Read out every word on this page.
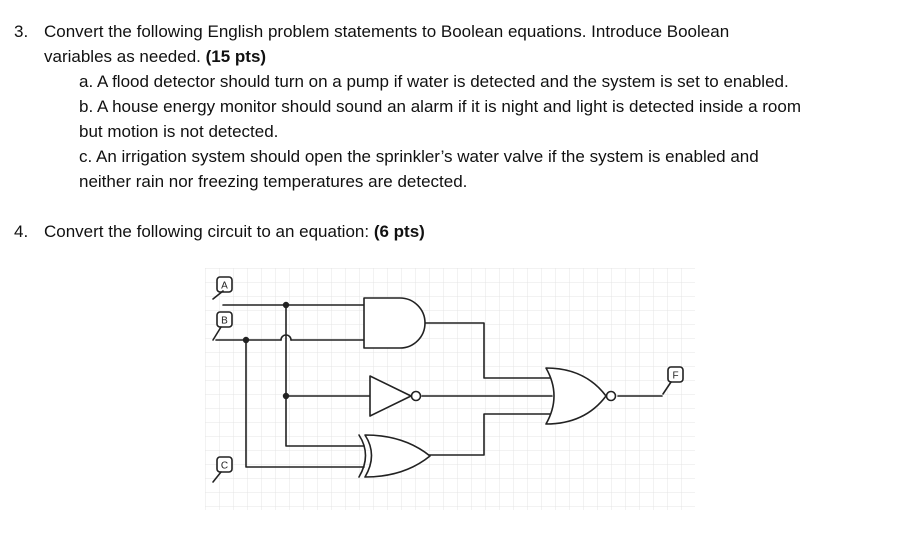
3. Convert the following English problem statements to Boolean equations. Introduce Boolean
variables as needed. (15 pts)
a. A flood detector should turn on a pump if water is detected and the system is set to enabled.
b. A house energy monitor should sound an alarm if it is night and light is detected inside a room
but motion is not detected.
c. An irrigation system should open the sprinkler’s water valve if the system is enabled and
neither rain nor freezing temperatures are detected.
4. Convert the following circuit to an equation: (6 pts)
A
B
C
F
